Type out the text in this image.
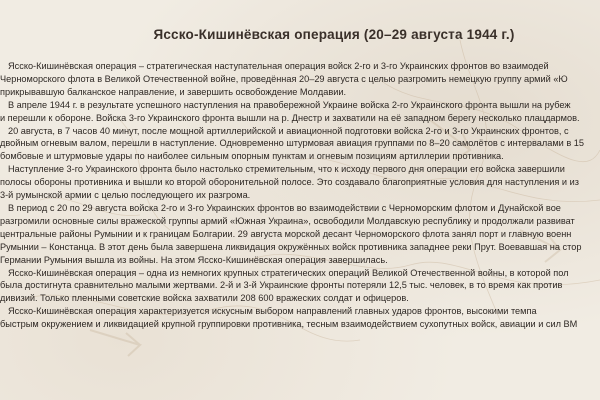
Ясско-Кишинёвская операция (20–29 августа 1944 г.)

Ясско-Кишинёвская операция – стратегическая наступательная операция войск 2-го и 3-го Украинских фронтов во взаимодей
Черноморского флота в Великой Отечественной войне, проведённая 20–29 августа с целью разгромить немецкую группу армий «Ю
прикрывавшую балканское направление, и завершить освобождение Молдавии.

В апреле 1944 г. в результате успешного наступления на правобережной Украине войска 2-го Украинского фронта вышли на рубеж
и перешли к обороне. Войска 3-го Украинского фронта вышли на р. Днестр и захватили на её западном берегу несколько плацдармов.

20 августа, в 7 часов 40 минут, после мощной артиллерийской и авиационной подготовки войска 2-го и 3-го Украинских фронтов, с
двойным огневым валом, перешли в наступление. Одновременно штурмовая авиация группами по 8–20 самолётов с интервалами в 15
бомбовые и штурмовые удары по наиболее сильным опорным пунктам и огневым позициям артиллерии противника.

Наступление 3-го Украинского фронта было настолько стремительным, что к исходу первого дня операции его войска завершили
полосы обороны противника и вышли ко второй оборонительной полосе. Это создавало благоприятные условия для наступления и из
3-й румынской армии с целью последующего их разгрома.

В период с 20 по 29 августа войска 2-го и 3-го Украинских фронтов во взаимодействии с Черноморским флотом и Дунайской вое
разгромили основные силы вражеской группы армий «Южная Украина», освободили Молдавскую республику и продолжали развиват
центральные районы Румынии и к границам Болгарии. 29 августа морской десант Черноморского флота занял порт и главную военн
Румынии – Констанца. В этот день была завершена ликвидация окружённых войск противника западнее реки Прут. Воевавшая на стор
Германии Румыния вышла из войны. На этом Ясско-Кишинёвская операция завершилась.

Ясско-Кишинёвская операция – одна из немногих крупных стратегических операций Великой Отечественной войны, в которой пол
была достигнута сравнительно малыми жертвами. 2-й и 3-й Украинские фронты потеряли 12,5 тыс. человек, в то время как против
дивизий. Только пленными советские войска захватили 208 600 вражеских солдат и офицеров.

Ясско-Кишинёвская операция характеризуется искусным выбором направлений главных ударов фронтов, высокими темпа
быстрым окружением и ликвидацией крупной группировки противника, тесным взаимодействием сухопутных войск, авиации и сил ВМ
